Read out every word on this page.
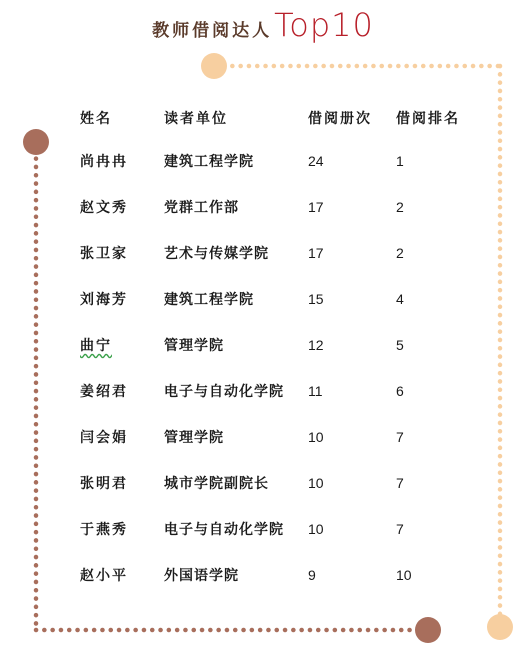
教师借阅达人Top10
姓名	读者单位	借阅册次	借阅排名
尚冉冉	建筑工程学院	24	1
赵文秀	党群工作部	17	2
张卫家	艺术与传媒学院	17	2
刘海芳	建筑工程学院	15	4
曲宁	管理学院	12	5
姜绍君	电子与自动化学院	11	6
闫会娟	管理学院	10	7
张明君	城市学院副院长	10	7
于燕秀	电子与自动化学院	10	7
赵小平	外国语学院	9	10
